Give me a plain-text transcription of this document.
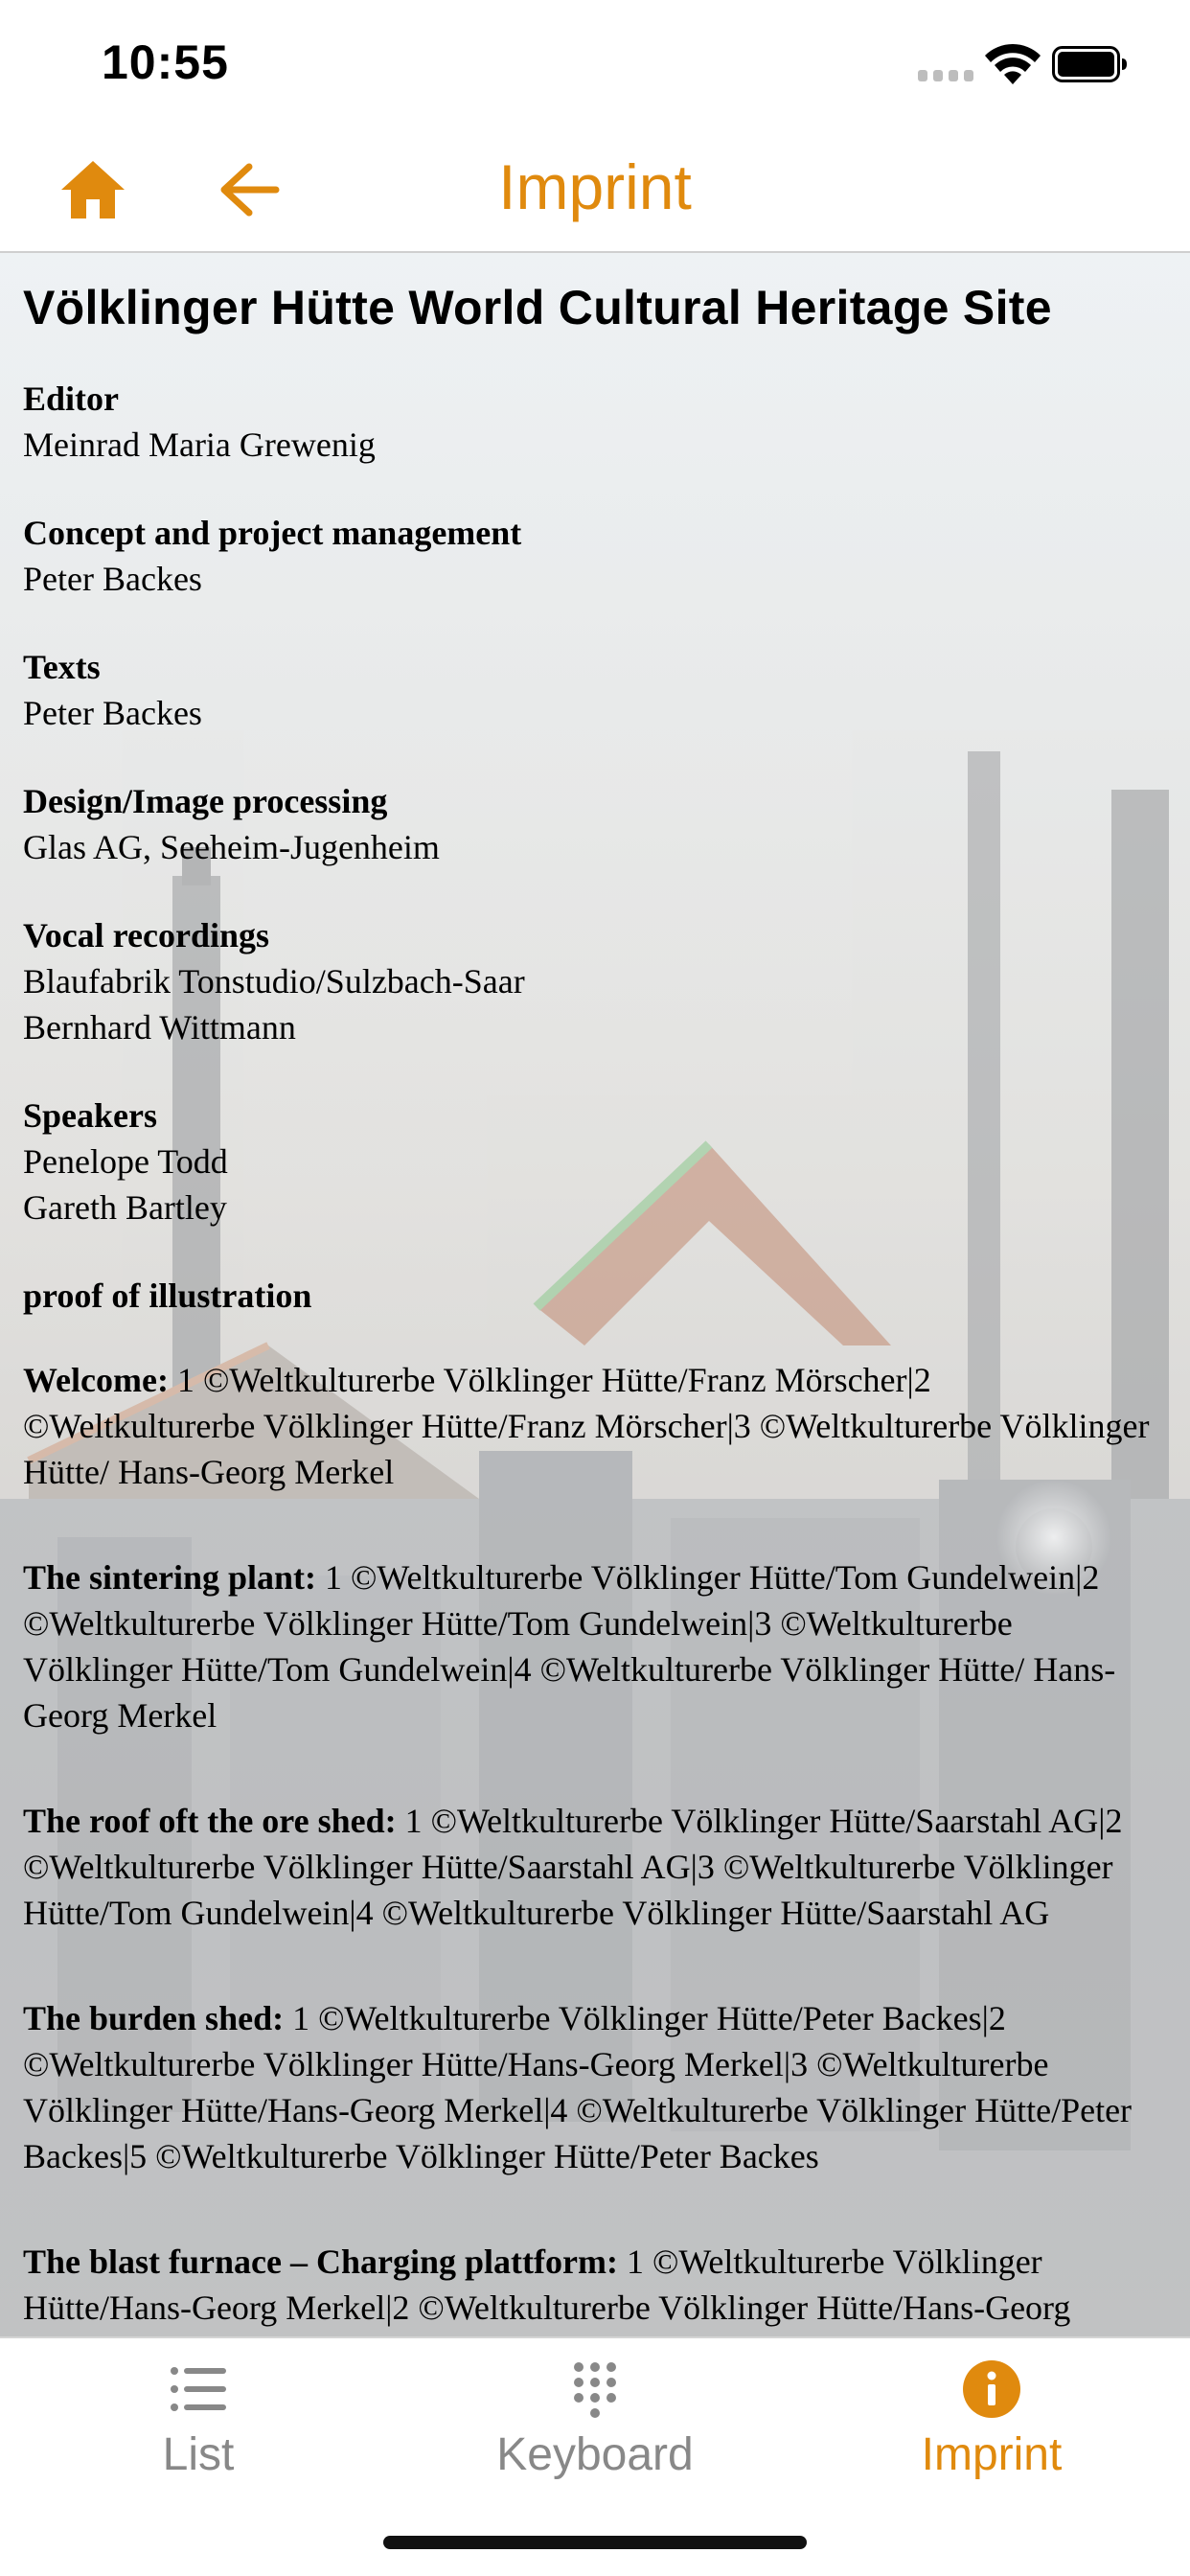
10:55
Imprint
Völklinger Hütte World Cultural Heritage Site
Editor
Meinrad Maria Grewenig
Concept and project management
Peter Backes
Texts
Peter Backes
Design/Image processing
Glas AG, Seeheim-Jugenheim
Vocal recordings
Blaufabrik Tonstudio/Sulzbach-Saar
Bernhard Wittmann
Speakers
Penelope Todd
Gareth Bartley
proof of illustration
Welcome: 1 ©Weltkulturerbe Völklinger Hütte/Franz Mörscher|2 ©Weltkulturerbe Völklinger Hütte/Franz Mörscher|3 ©Weltkulturerbe Völklinger Hütte/ Hans-Georg Merkel
The sintering plant: 1 ©Weltkulturerbe Völklinger Hütte/Tom Gundelwein|2 ©Weltkulturerbe Völklinger Hütte/Tom Gundelwein|3 ©Weltkulturerbe Völklinger Hütte/Tom Gundelwein|4 ©Weltkulturerbe Völklinger Hütte/ Hans-Georg Merkel
The roof oft the ore shed: 1 ©Weltkulturerbe Völklinger Hütte/Saarstahl AG|2 ©Weltkulturerbe Völklinger Hütte/Saarstahl AG|3 ©Weltkulturerbe Völklinger Hütte/Tom Gundelwein|4 ©Weltkulturerbe Völklinger Hütte/Saarstahl AG
The burden shed: 1 ©Weltkulturerbe Völklinger Hütte/Peter Backes|2 ©Weltkulturerbe Völklinger Hütte/Hans-Georg Merkel|3 ©Weltkulturerbe Völklinger Hütte/Hans-Georg Merkel|4 ©Weltkulturerbe Völklinger Hütte/Peter Backes|5 ©Weltkulturerbe Völklinger Hütte/Peter Backes
The blast furnace – Charging plattform: 1 ©Weltkulturerbe Völklinger Hütte/Hans-Georg Merkel|2 ©Weltkulturerbe Völklinger Hütte/Hans-Georg
List	Keyboard	Imprint
